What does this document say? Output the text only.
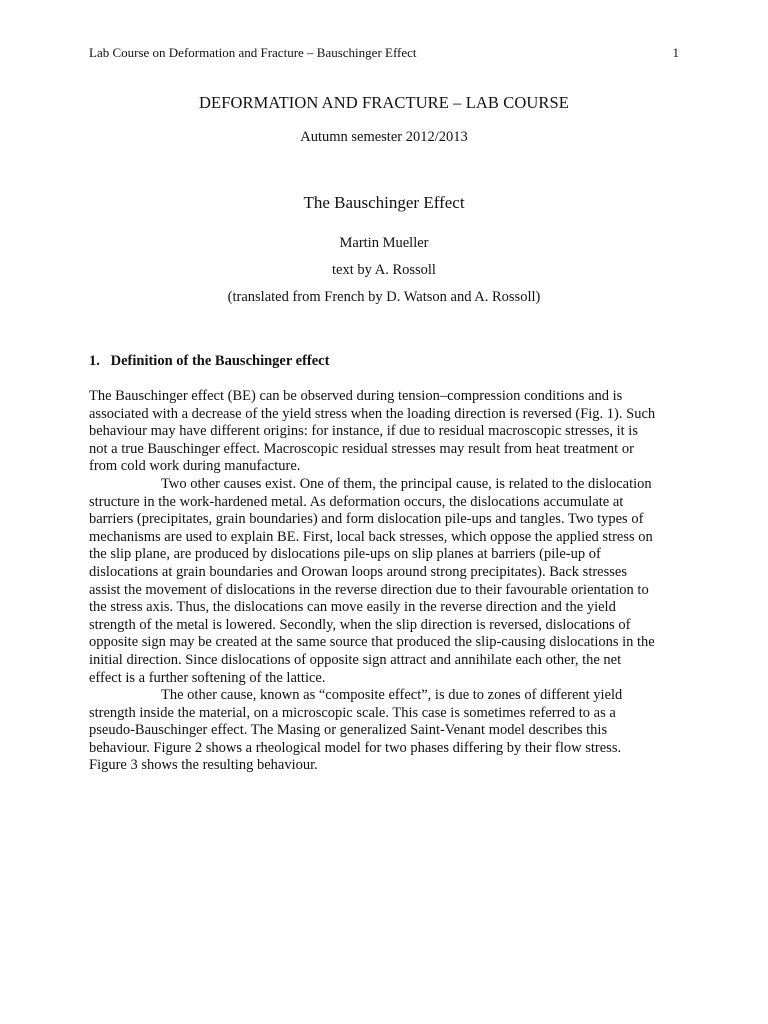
Lab Course on Deformation and Fracture – Bauschinger Effect	1
DEFORMATION AND FRACTURE – LAB COURSE
Autumn semester 2012/2013
The Bauschinger Effect
Martin Mueller
text by A. Rossoll
(translated from French by D. Watson and A. Rossoll)
1. Definition of the Bauschinger effect
The Bauschinger effect (BE) can be observed during tension–compression conditions and is
associated with a decrease of the yield stress when the loading direction is reversed (Fig. 1). Such
behaviour may have different origins: for instance, if due to residual macroscopic stresses, it is
not a true Bauschinger effect. Macroscopic residual stresses may result from heat treatment or
from cold work during manufacture.
Two other causes exist. One of them, the principal cause, is related to the dislocation
structure in the work-hardened metal. As deformation occurs, the dislocations accumulate at
barriers (precipitates, grain boundaries) and form dislocation pile-ups and tangles. Two types of
mechanisms are used to explain BE. First, local back stresses, which oppose the applied stress on
the slip plane, are produced by dislocations pile-ups on slip planes at barriers (pile-up of
dislocations at grain boundaries and Orowan loops around strong precipitates). Back stresses
assist the movement of dislocations in the reverse direction due to their favourable orientation to
the stress axis. Thus, the dislocations can move easily in the reverse direction and the yield
strength of the metal is lowered. Secondly, when the slip direction is reversed, dislocations of
opposite sign may be created at the same source that produced the slip-causing dislocations in the
initial direction. Since dislocations of opposite sign attract and annihilate each other, the net
effect is a further softening of the lattice.
The other cause, known as “composite effect”, is due to zones of different yield
strength inside the material, on a microscopic scale. This case is sometimes referred to as a
pseudo-Bauschinger effect. The Masing or generalized Saint-Venant model describes this
behaviour. Figure 2 shows a rheological model for two phases differing by their flow stress.
Figure 3 shows the resulting behaviour.
